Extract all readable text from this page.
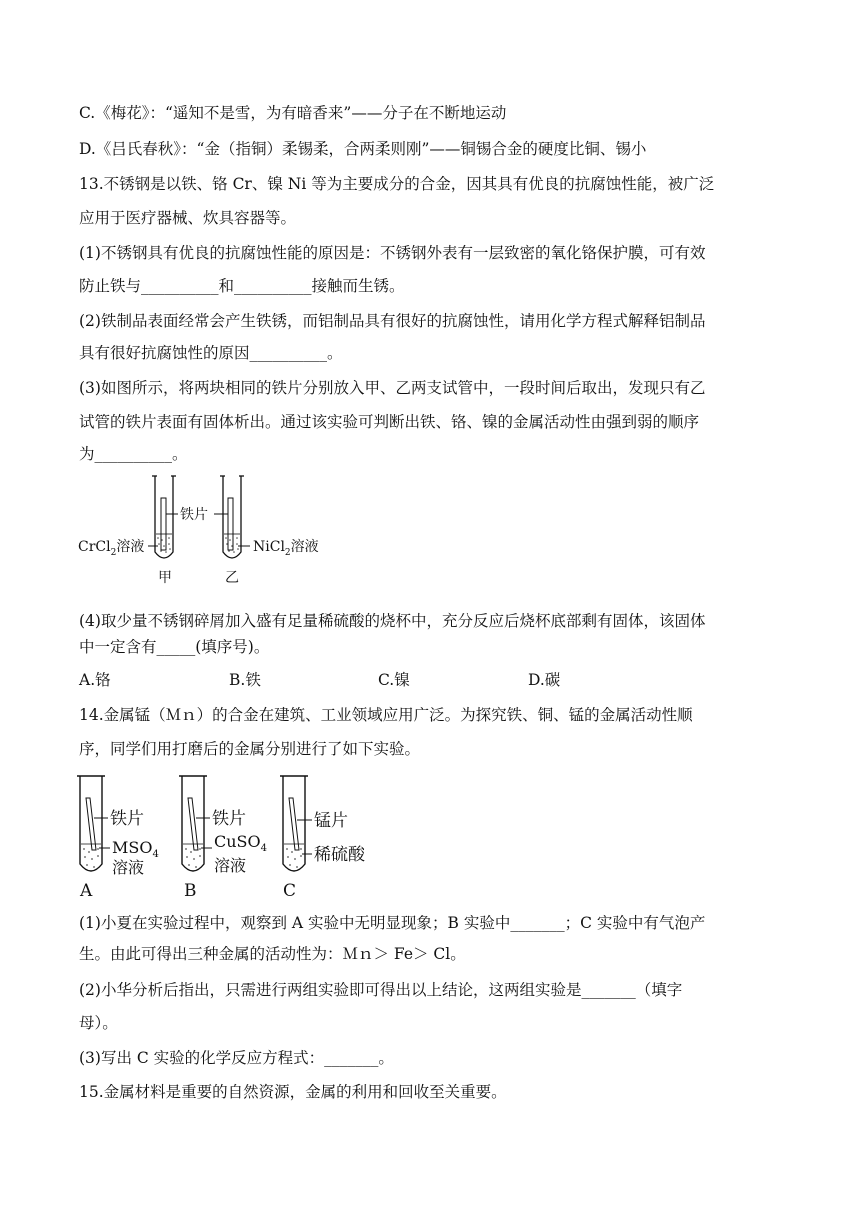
C.《梅花》：“遥知不是雪，为有暗香来”——分子在不断地运动
D.《吕氏春秋》：“金（指铜）柔锡柔，合两柔则刚”——铜锡合金的硬度比铜、锡小
13.不锈钢是以铁、铬 Cr、镍 Ni 等为主要成分的合金，因其具有优良的抗腐蚀性能，被广泛
应用于医疗器械、炊具容器等。
(1)不锈钢具有优良的抗腐蚀性能的原因是：不锈钢外表有一层致密的氧化铬保护膜，可有效
防止铁与__________和__________接触而生锈。
(2)铁制品表面经常会产生铁锈，而铝制品具有很好的抗腐蚀性，请用化学方程式解释铝制品
具有很好抗腐蚀性的原因__________。
(3)如图所示，将两块相同的铁片分别放入甲、乙两支试管中，一段时间后取出，发现只有乙
试管的铁片表面有固体析出。通过该实验可判断出铁、铬、镍的金属活动性由强到弱的顺序
为__________。
铁片
CrCl$_2$溶液	NiCl$_2$溶液
甲	乙
(4)取少量不锈钢碎屑加入盛有足量稀硫酸的烧杯中，充分反应后烧杯底部剩有固体，该固体
中一定含有_____(填序号)。
A.铬	B.铁	C.镍	D.碳
14.金属锰（Ｍｎ）的合金在建筑、工业领域应用广泛。为探究铁、铜、锰的金属活动性顺
序，同学们用打磨后的金属分别进行了如下实验。
铁片
$MSO_4$
溶液
A
铁片
CuSO$_4$
溶液
B
锰片
稀硫酸
C
(1)小夏在实验过程中，观察到 A 实验中无明显现象；B 实验中_______；C 实验中有气泡产
生。由此可得出三种金属的活动性为：Ｍｎ＞ Fe＞ Cl。
(2)小华分析后指出，只需进行两组实验即可得出以上结论，这两组实验是_______（填字
母）。
(3)写出 C 实验的化学反应方程式：_______。
15.金属材料是重要的自然资源，金属的利用和回收至关重要。
